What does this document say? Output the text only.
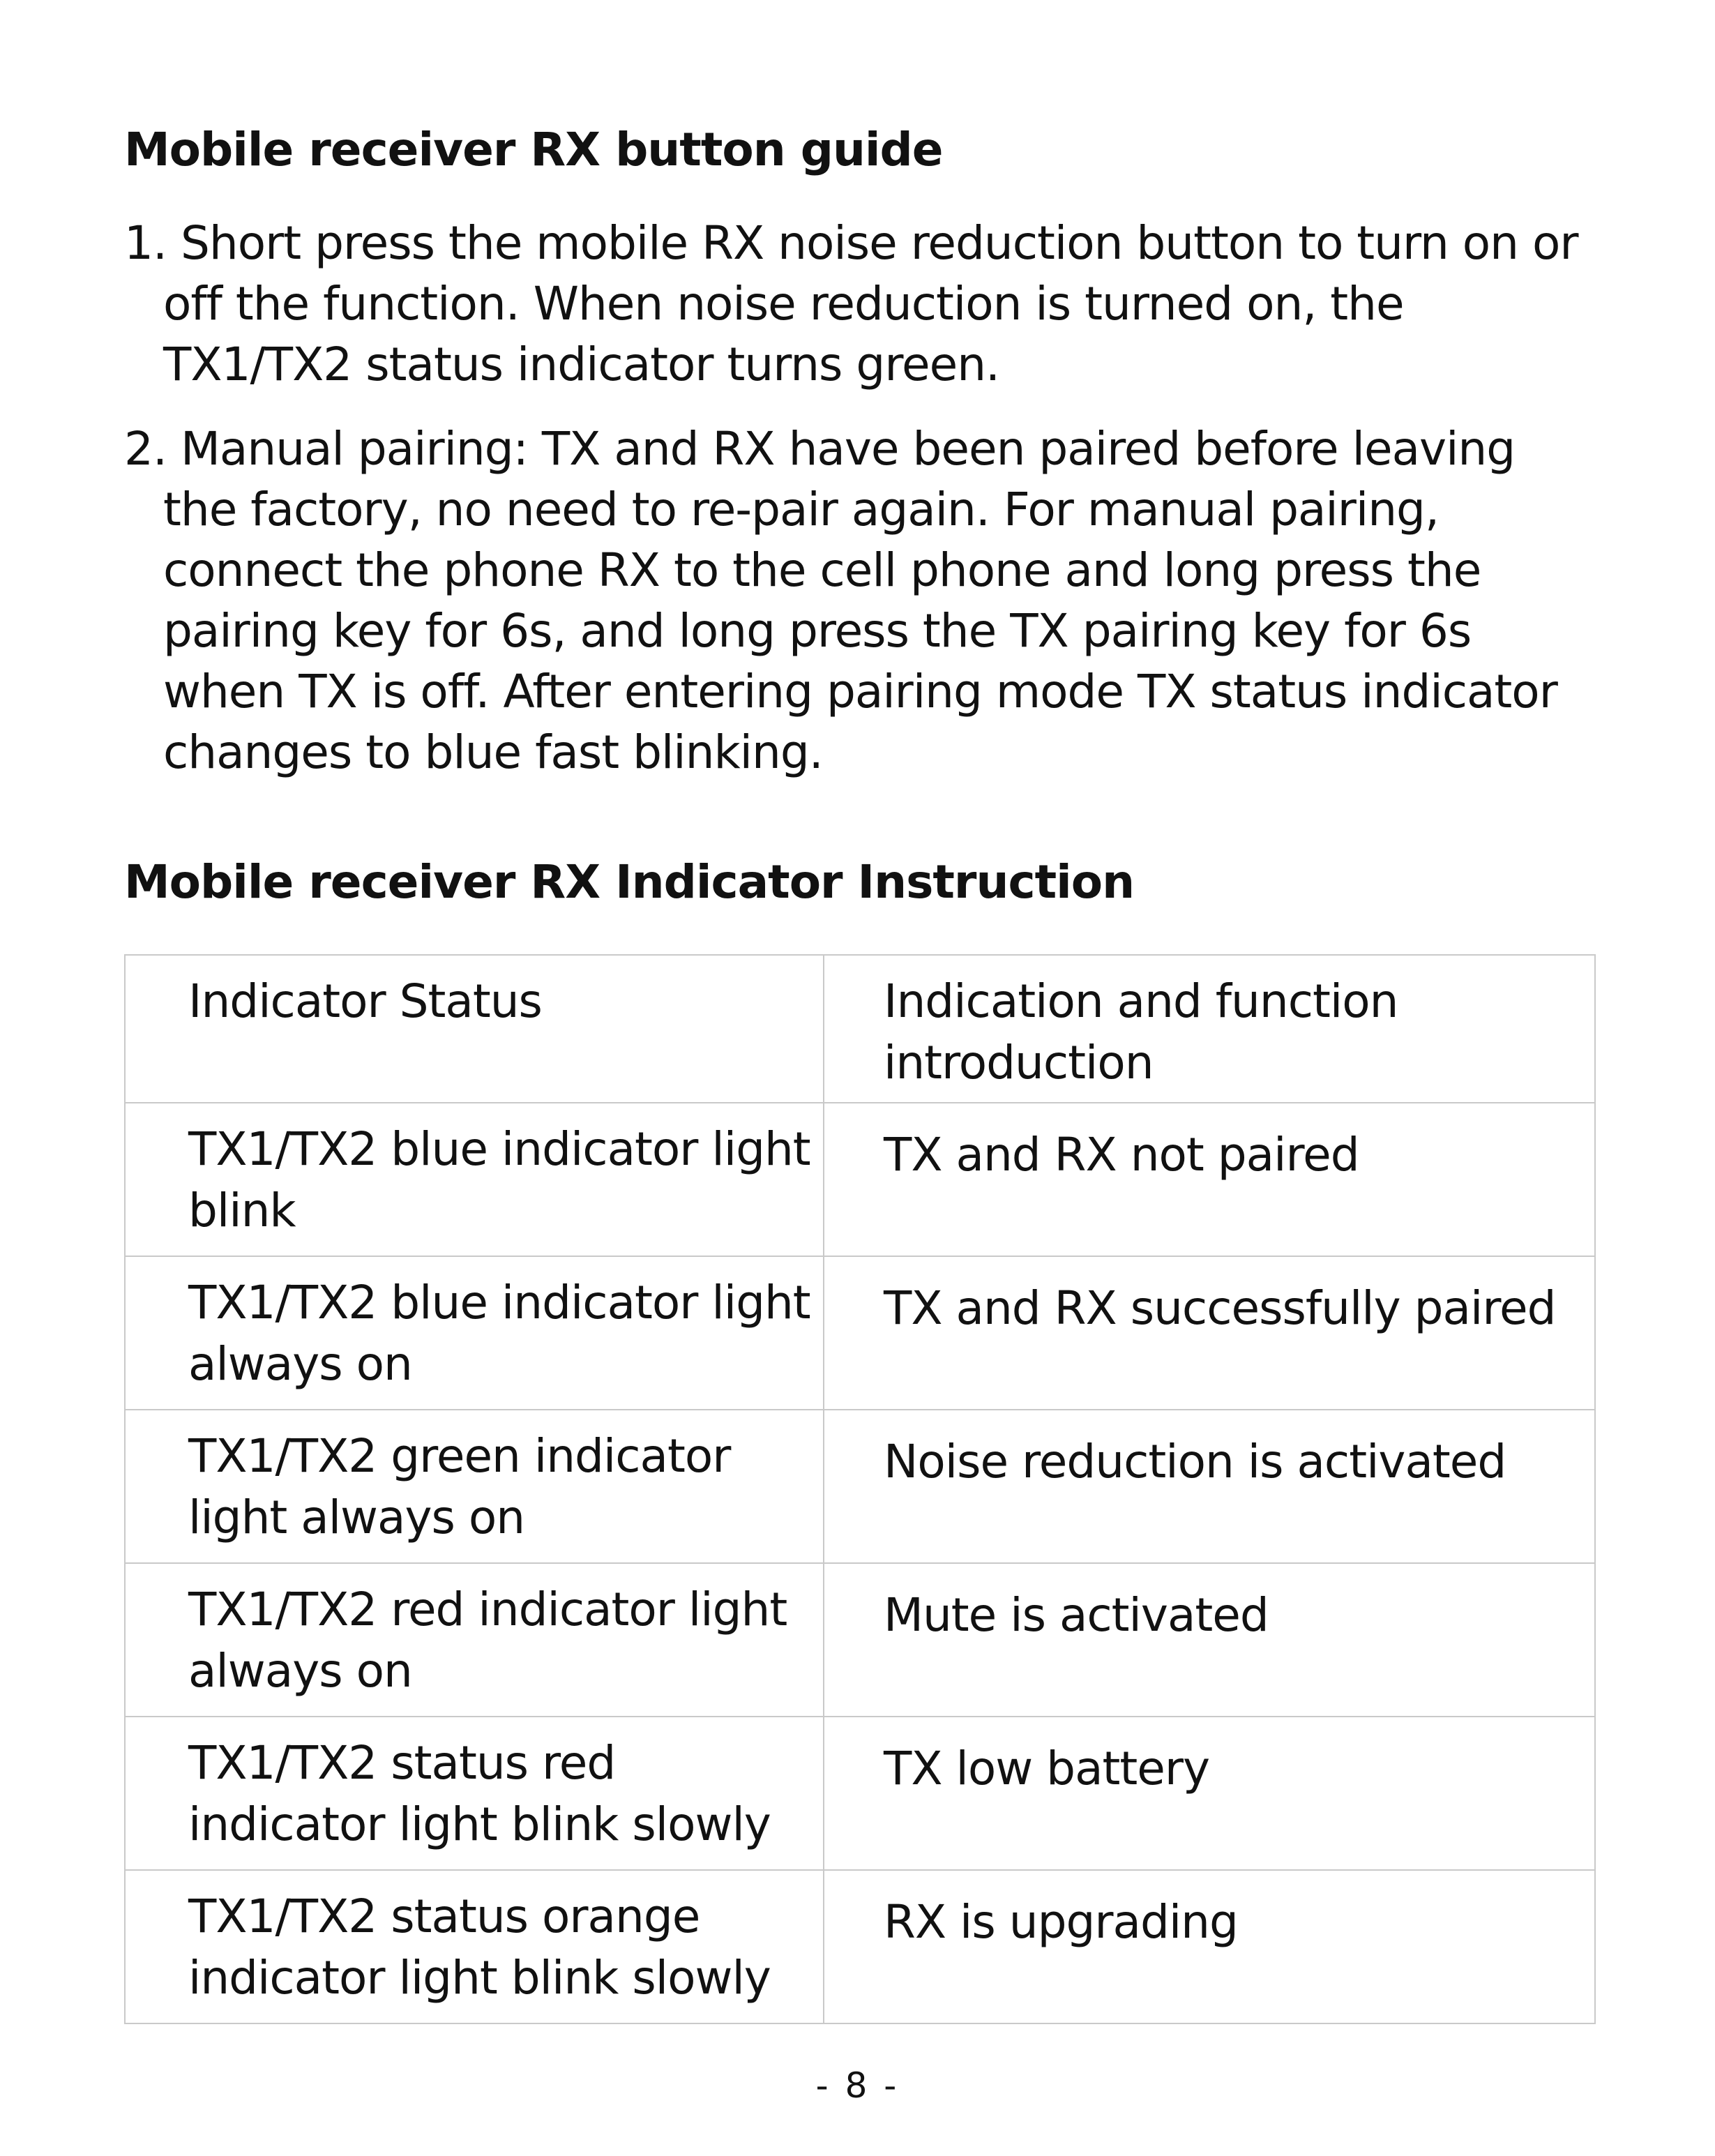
Mobile receiver RX button guide
1. Short press the mobile RX noise reduction button to turn on or off the function. When noise reduction is turned on, the TX1/TX2 status indicator turns green.
2. Manual pairing: TX and RX have been paired before leaving the factory, no need to re-pair again. For manual pairing, connect the phone RX to the cell phone and long press the pairing key for 6s, and long press the TX pairing key for 6s when TX is off. After entering pairing mode TX status indicator changes to blue fast blinking.
Mobile receiver RX Indicator Instruction
Indicator Status	Indication and function introduction
TX1/TX2 blue indicator light blink	TX and RX not paired
TX1/TX2 blue indicator light always on	TX and RX successfully paired
TX1/TX2 green indicator light always on	Noise reduction is activated
TX1/TX2 red indicator light always on	Mute is activated
TX1/TX2 status red indicator light blink slowly	TX low battery
TX1/TX2 status orange indicator light blink slowly	RX is upgrading
- 8 -
